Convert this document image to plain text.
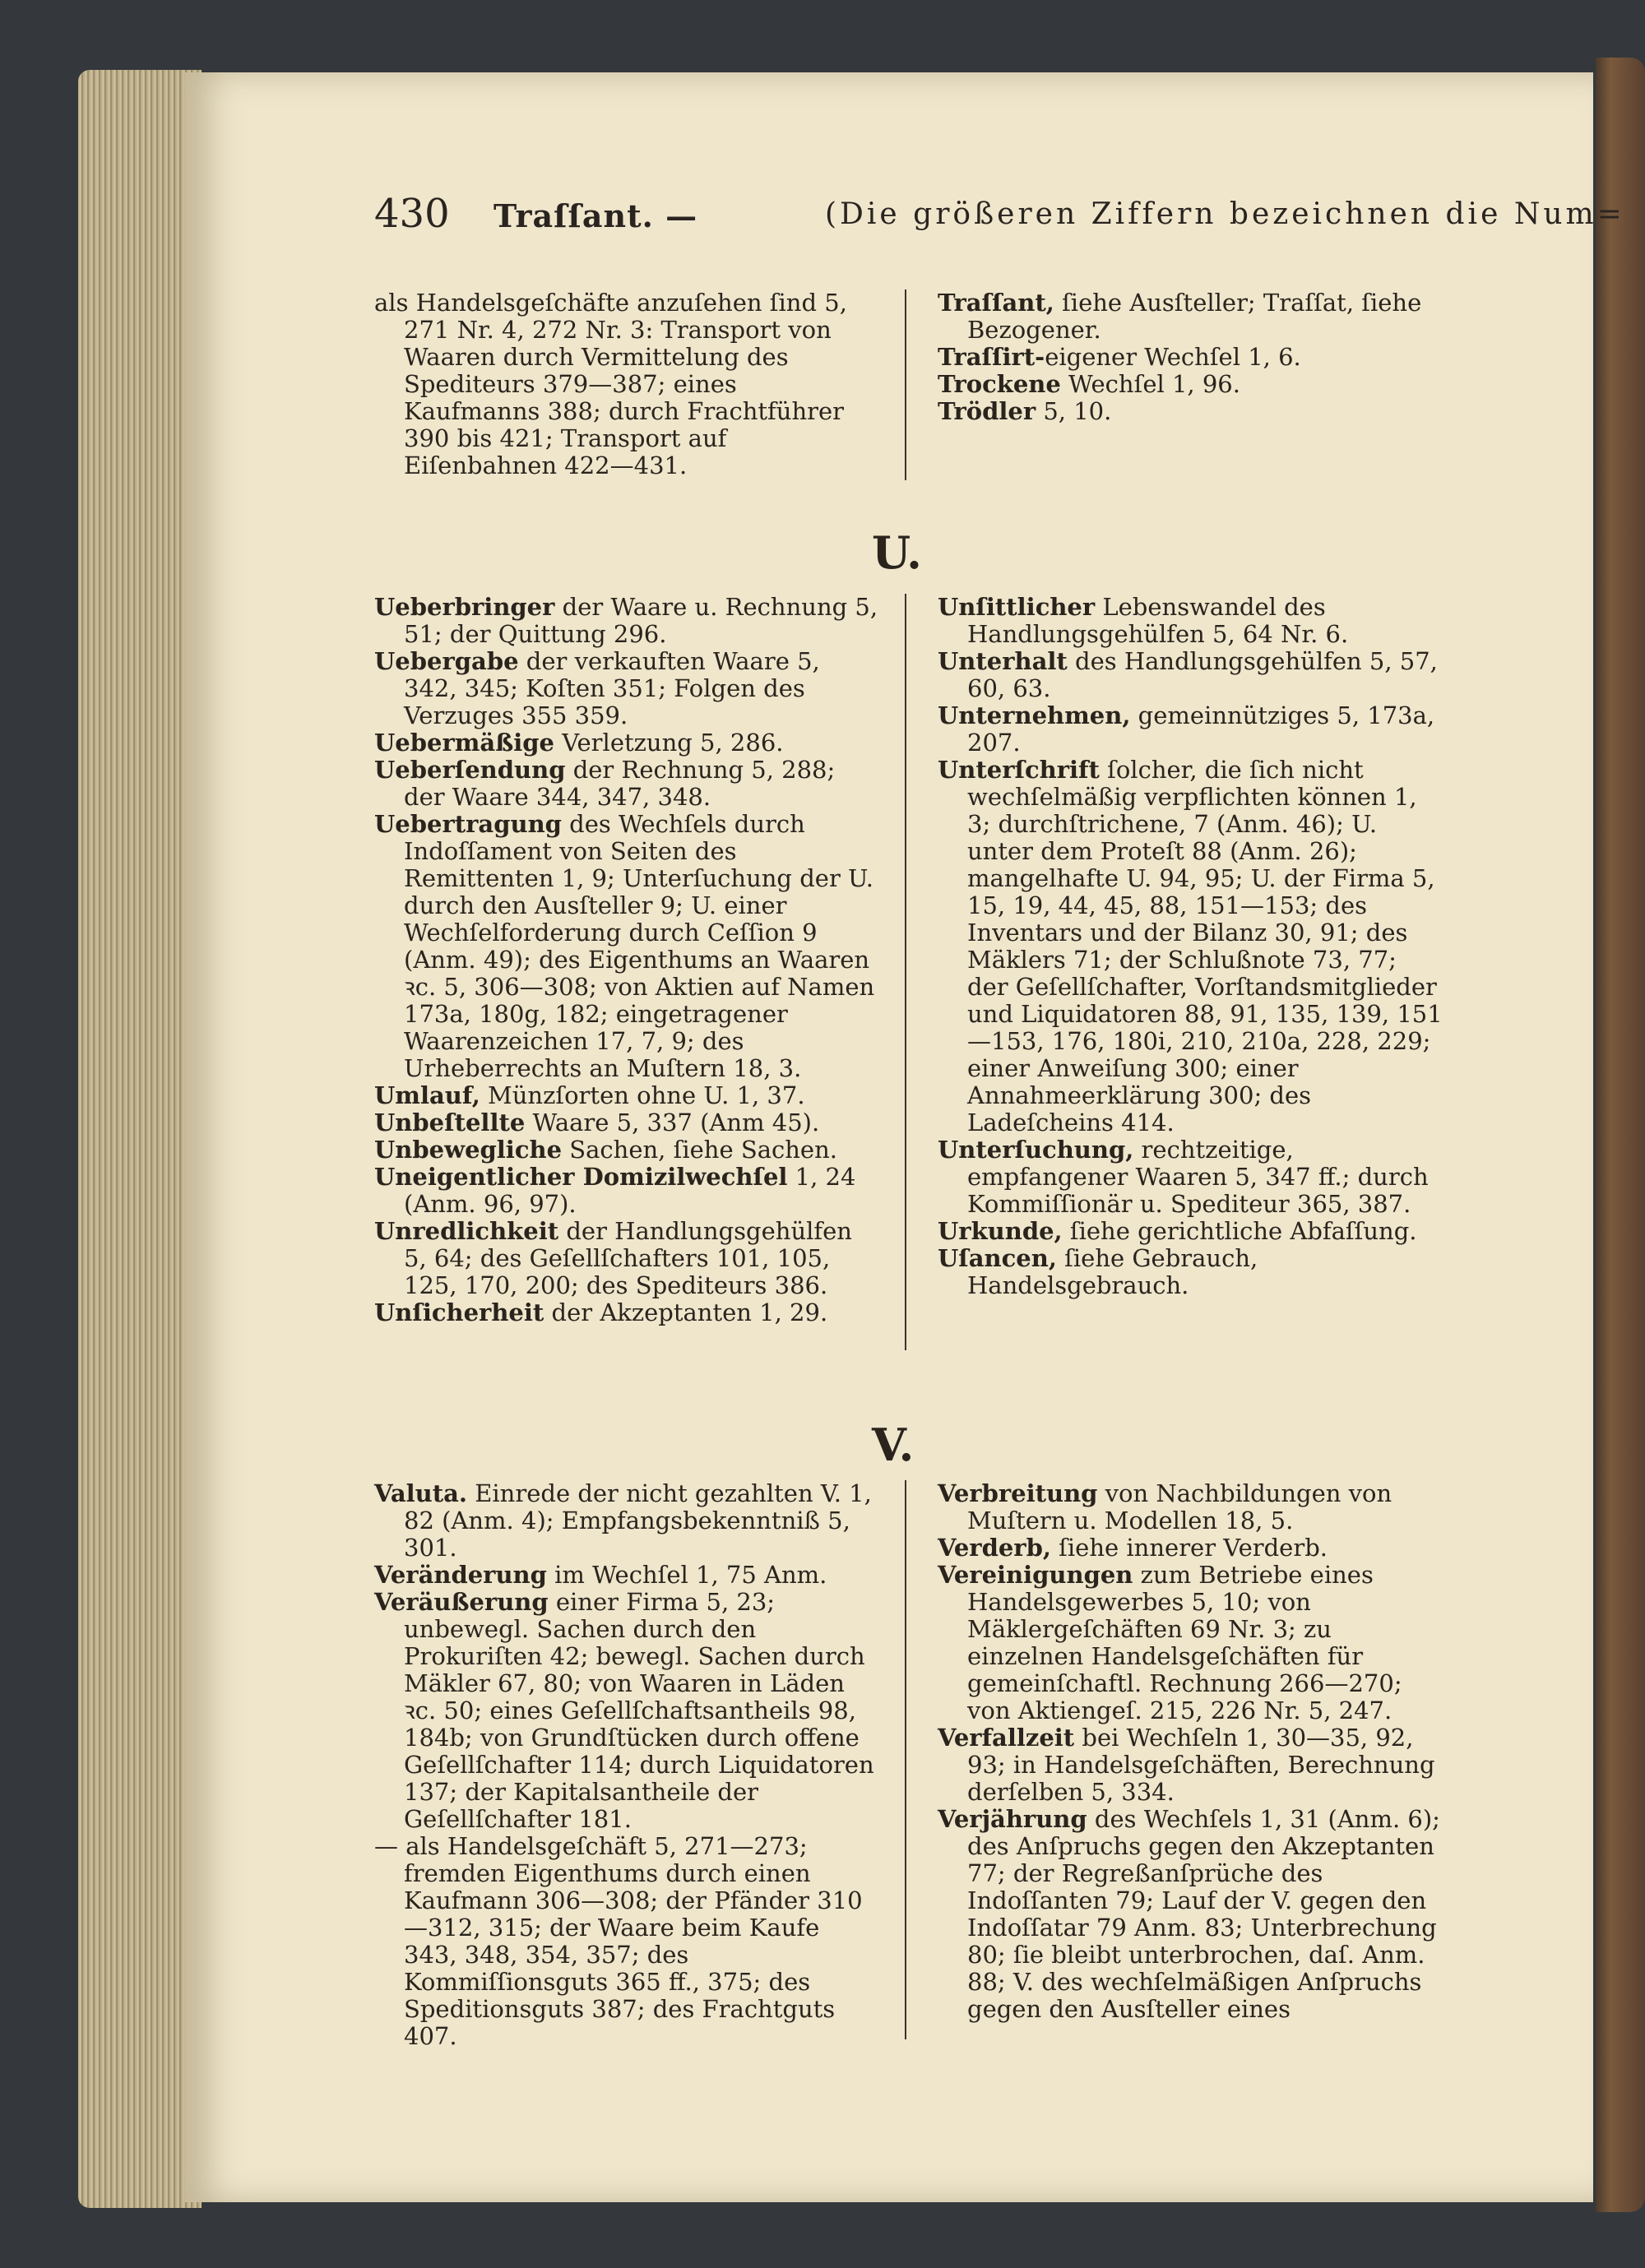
430 Traſſant. —	(Die größeren Ziffern bezeichnen die Num=

als Handelsgeſchäfte anzuſehen ſind 5, 271 Nr. 4, 272 Nr. 3: Transport von Waaren durch Vermittelung des Spediteurs 379—387; eines Kaufmanns 388; durch Frachtführer 390 bis 421; Transport auf Eiſenbahnen 422—431.

Traſſant, ſiehe Ausſteller; Traſſat, ſiehe Bezogener.

Traſſirt-eigener Wechſel 1, 6.

Trockene Wechſel 1, 96.

Trödler 5, 10.

U.

Ueberbringer der Waare u. Rechnung 5, 51; der Quittung 296.

Uebergabe der verkauften Waare 5, 342, 345; Koſten 351; Folgen des Verzuges 355 359.

Uebermäßige Verletzung 5, 286.

Ueberſendung der Rechnung 5, 288; der Waare 344, 347, 348.

Uebertragung des Wechſels durch Indoſſament von Seiten des Remittenten 1, 9; Unterſuchung der U. durch den Ausſteller 9; U. einer Wechſelforderung durch Ceſſion 9 (Anm. 49); des Eigenthums an Waaren ꝛc. 5, 306—308; von Aktien auf Namen 173a, 180g, 182; eingetragener Waarenzeichen 17, 7, 9; des Urheberrechts an Muſtern 18, 3.

Umlauf, Münzſorten ohne U. 1, 37.

Unbeſtellte Waare 5, 337 (Anm 45).

Unbewegliche Sachen, ſiehe Sachen.

Uneigentlicher Domizilwechſel 1, 24 (Anm. 96, 97).

Unredlichkeit der Handlungsgehülfen 5, 64; des Geſellſchafters 101, 105, 125, 170, 200; des Spediteurs 386.

Unſicherheit der Akzeptanten 1, 29.

Unſittlicher Lebenswandel des Handlungsgehülfen 5, 64 Nr. 6.

Unterhalt des Handlungsgehülfen 5, 57, 60, 63.

Unternehmen, gemeinnütziges 5, 173a, 207.

Unterſchrift ſolcher, die ſich nicht wechſelmäßig verpflichten können 1, 3; durchſtrichene, 7 (Anm. 46); U. unter dem Proteſt 88 (Anm. 26); mangelhafte U. 94, 95; U. der Firma 5, 15, 19, 44, 45, 88, 151—153; des Inventars und der Bilanz 30, 91; des Mäklers 71; der Schlußnote 73, 77; der Geſellſchafter, Vorſtandsmitglieder und Liquidatoren 88, 91, 135, 139, 151—153, 176, 180i, 210, 210a, 228, 229; einer Anweiſung 300; einer Annahmeerklärung 300; des Ladeſcheins 414.

Unterſuchung, rechtzeitige, empfangener Waaren 5, 347 ff.; durch Kommiſſionär u. Spediteur 365, 387.

Urkunde, ſiehe gerichtliche Abfaſſung.

Uſancen, ſiehe Gebrauch, Handelsgebrauch.

V.

Valuta. Einrede der nicht gezahlten V. 1, 82 (Anm. 4); Empfangsbekenntniß 5, 301.

Veränderung im Wechſel 1, 75 Anm.

Veräußerung einer Firma 5, 23; unbewegl. Sachen durch den Prokuriſten 42; bewegl. Sachen durch Mäkler 67, 80; von Waaren in Läden ꝛc. 50; eines Geſellſchaftsantheils 98, 184b; von Grundſtücken durch offene Geſellſchafter 114; durch Liquidatoren 137; der Kapitalsantheile der Geſellſchafter 181.

— als Handelsgeſchäft 5, 271—273; fremden Eigenthums durch einen Kaufmann 306—308; der Pfänder 310—312, 315; der Waare beim Kaufe 343, 348, 354, 357; des Kommiſſionsguts 365 ff., 375; des Speditionsguts 387; des Frachtguts 407.

Verbreitung von Nachbildungen von Muſtern u. Modellen 18, 5.

Verderb, ſiehe innerer Verderb.

Vereinigungen zum Betriebe eines Handelsgewerbes 5, 10; von Mäklergeſchäften 69 Nr. 3; zu einzelnen Handelsgeſchäften für gemeinſchaftl. Rechnung 266—270; von Aktiengeſ. 215, 226 Nr. 5, 247.

Verfallzeit bei Wechſeln 1, 30—35, 92, 93; in Handelsgeſchäften, Berechnung derſelben 5, 334.

Verjährung des Wechſels 1, 31 (Anm. 6); des Anſpruchs gegen den Akzeptanten 77; der Regreßanſprüche des Indoſſanten 79; Lauf der V. gegen den Indoſſatar 79 Anm. 83; Unterbrechung 80; ſie bleibt unterbrochen, daſ. Anm. 88; V. des wechſelmäßigen Anſpruchs gegen den Ausſteller eines
